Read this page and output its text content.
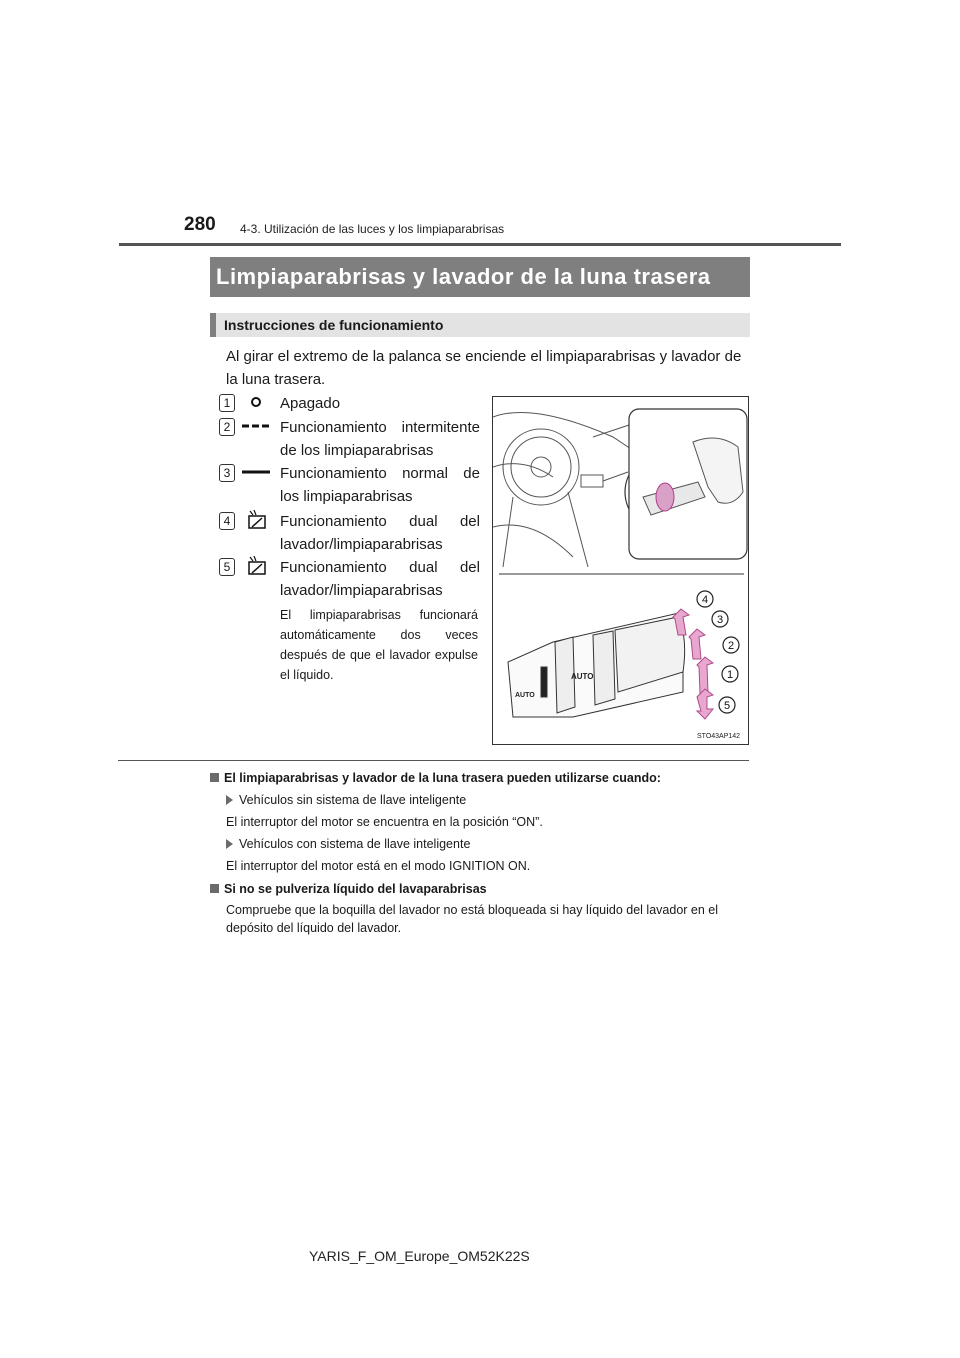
280 4-3. Utilización de las luces y los limpiaparabrisas
Limpiaparabrisas y lavador de la luna trasera
Instrucciones de funcionamiento
Al girar el extremo de la palanca se enciende el limpiaparabrisas y lavador de la luna trasera.
1	Apagado
2	Funcionamiento intermitente de los limpiaparabrisas
3	Funcionamiento normal de los limpiaparabrisas
4	Funcionamiento dual del lavador/limpiaparabrisas
5	Funcionamiento dual del lavador/limpiaparabrisas
El limpiaparabrisas funcionará automáticamente dos veces después de que el lavador expulse el líquido.	AUTO
AUTO
4
3
2
1
5
STO43AP142
El limpiaparabrisas y lavador de la luna trasera pueden utilizarse cuando:
Vehículos sin sistema de llave inteligente
El interruptor del motor se encuentra en la posición “ON”.
Vehículos con sistema de llave inteligente
El interruptor del motor está en el modo IGNITION ON.
Si no se pulveriza líquido del lavaparabrisas
Compruebe que la boquilla del lavador no está bloqueada si hay líquido del lavador en el depósito del líquido del lavador.
YARIS_F_OM_Europe_OM52K22S
